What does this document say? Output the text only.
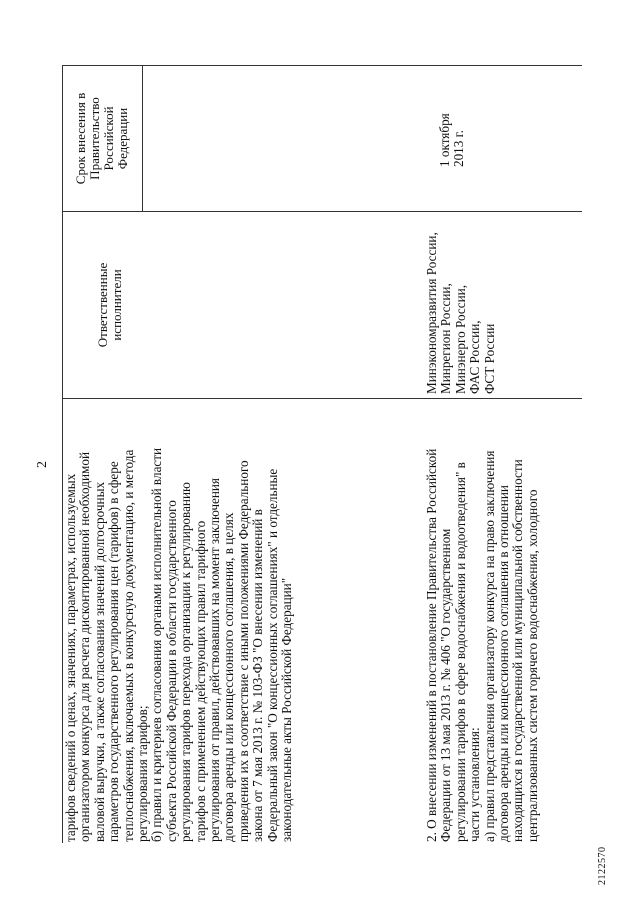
2
Ответственные исполнители
Срок внесения в Правительство Российской Федерации
тарифов сведений о ценах, значениях, параметрах, используемых организатором конкурса для расчета дисконтированной необходимой валовой выручки, а также согласования значений долгосрочных параметров государственного регулирования цен (тарифов) в сфере теплоснабжения, включаемых в конкурсную документацию, и метода регулирования тарифов; б) правил и критериев согласования органами исполнительной власти субъекта Российской Федерации в области государственного регулирования тарифов перехода организации к регулированию тарифов с применением действующих правил тарифного регулирования от правил, действовавших на момент заключения договора аренды или концессионного соглашения, в целях приведения их в соответствие с иными положениями Федерального закона от 7 мая 2013 г. № 103-ФЗ "О внесении изменений в Федеральный закон "О концессионных соглашениях" и отдельные законодательные акты Российской Федерации"	2. О внесении изменений в постановление Правительства Российской Федерации от 13 мая 2013 г. № 406 "О государственном регулировании тарифов в сфере водоснабжения и водоотведения" в части установления: а) правил представления организатору конкурса на право заключения договора аренды или концессионного соглашения в отношении находящихся в государственной или муниципальной собственности централизованных систем горячего водоснабжения, холодного
Минэкономразвития России, Минрегион России, Минэнерго России, ФАС России, ФСТ России
1 октября 2013 г.
2122570
